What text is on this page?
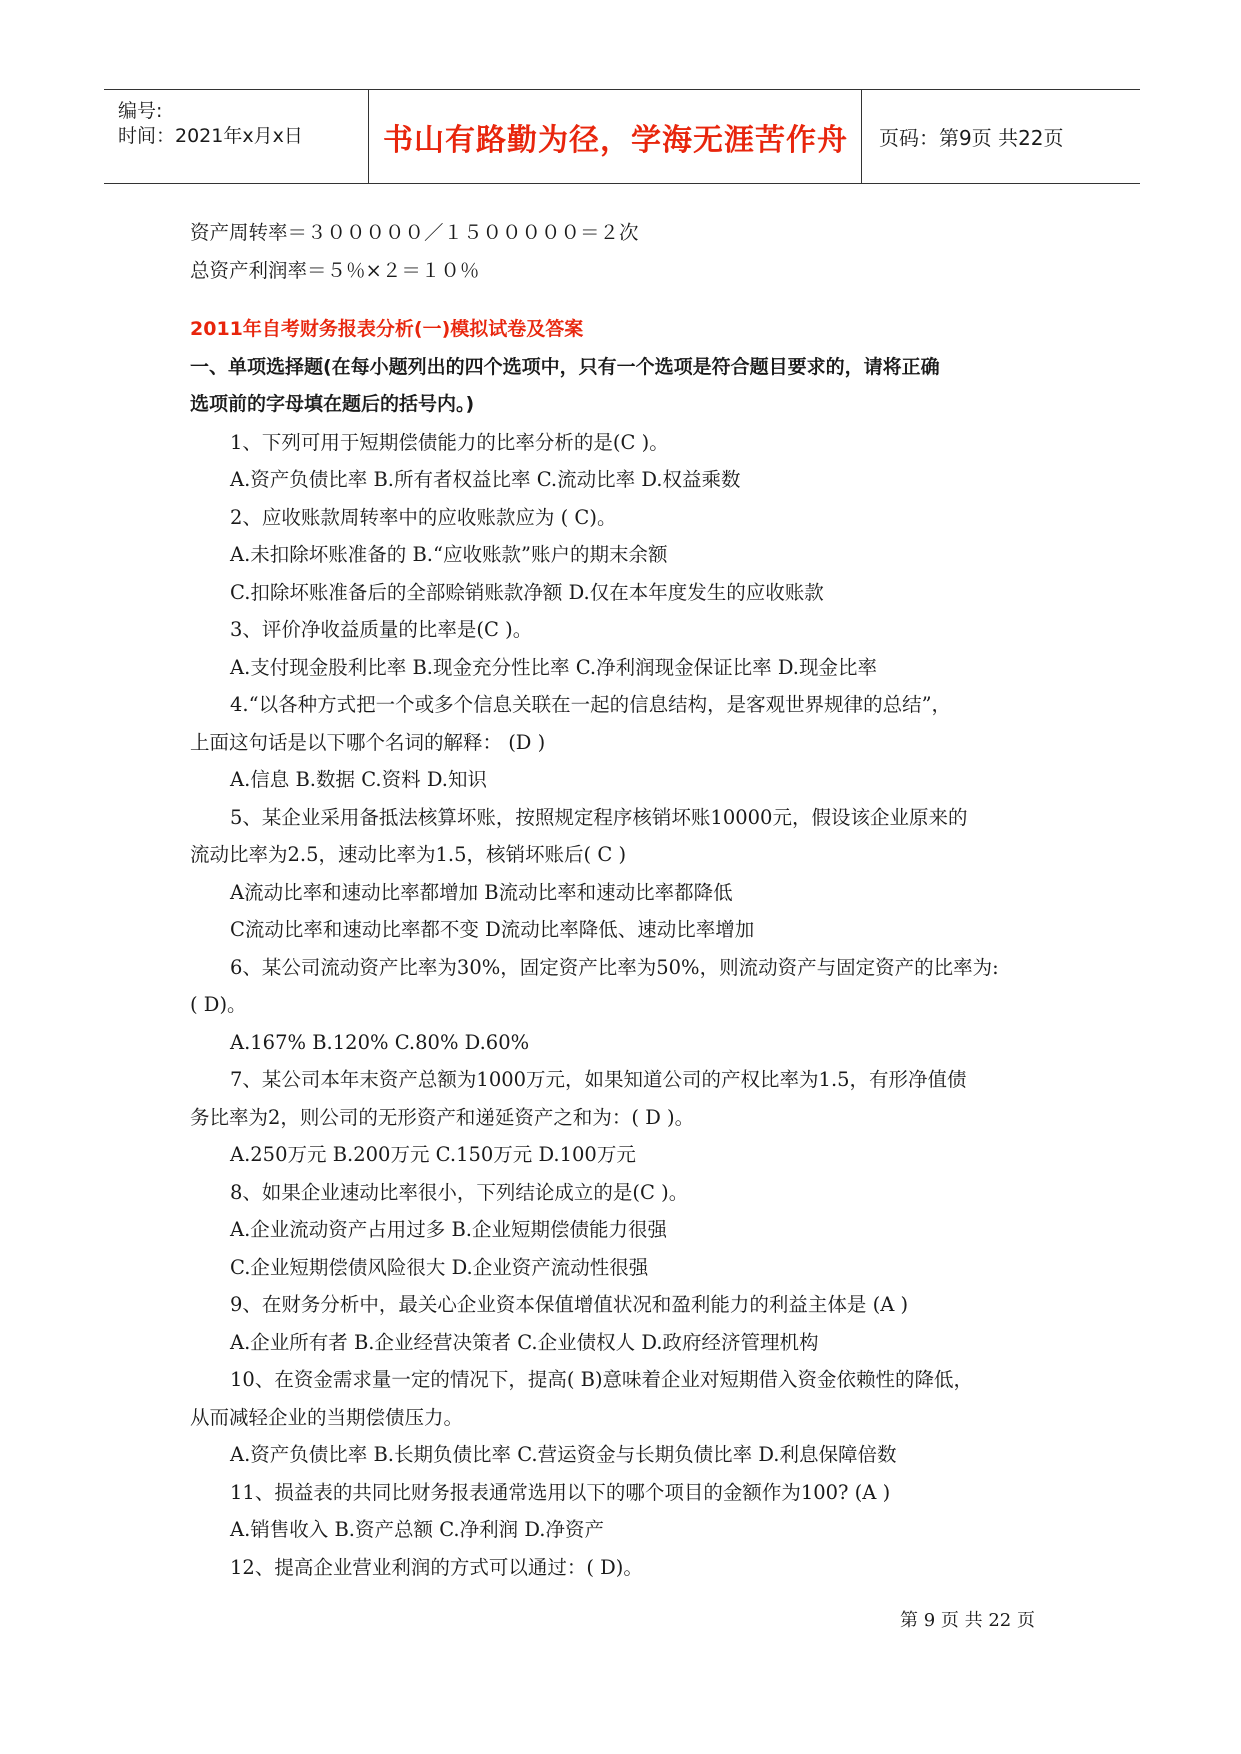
编号:
时间：2021年x月x日	书山有路勤为径，学海无涯苦作舟 页码：第9页 共22页
资产周转率＝３０００００／１５０００００＝２次
总资产利润率＝５％×２＝１０％
2011年自考财务报表分析(一)模拟试卷及答案
一、单项选择题(在每小题列出的四个选项中，只有一个选项是符合题目要求的，请将正确
选项前的字母填在题后的括号内。)
1、下列可用于短期偿债能力的比率分析的是(C )。
A.资产负债比率 B.所有者权益比率 C.流动比率 D.权益乘数
2、应收账款周转率中的应收账款应为 ( C)。
A.未扣除坏账准备的 B.“应收账款”账户的期末余额
C.扣除坏账准备后的全部赊销账款净额 D.仅在本年度发生的应收账款
3、评价净收益质量的比率是(C )。
A.支付现金股利比率 B.现金充分性比率 C.净利润现金保证比率 D.现金比率
4.“以各种方式把一个或多个信息关联在一起的信息结构，是客观世界规律的总结”，
上面这句话是以下哪个名词的解释： (D )
A.信息 B.数据 C.资料 D.知识
5、某企业采用备抵法核算坏账，按照规定程序核销坏账10000元，假设该企业原来的
流动比率为2.5，速动比率为1.5，核销坏账后( C )
A流动比率和速动比率都增加 B流动比率和速动比率都降低
C流动比率和速动比率都不变 D流动比率降低、速动比率增加
6、某公司流动资产比率为30%，固定资产比率为50%，则流动资产与固定资产的比率为:
( D)。
A.167% B.120% C.80% D.60%
7、某公司本年末资产总额为1000万元，如果知道公司的产权比率为1.5，有形净值债
务比率为2，则公司的无形资产和递延资产之和为：( D )。
A.250万元 B.200万元 C.150万元 D.100万元
8、如果企业速动比率很小，下列结论成立的是(C )。
A.企业流动资产占用过多 B.企业短期偿债能力很强
C.企业短期偿债风险很大 D.企业资产流动性很强
9、在财务分析中，最关心企业资本保值增值状况和盈利能力的利益主体是 (A )
A.企业所有者 B.企业经营决策者 C.企业债权人 D.政府经济管理机构
10、在资金需求量一定的情况下，提高( B)意味着企业对短期借入资金依赖性的降低，
从而减轻企业的当期偿债压力。
A.资产负债比率 B.长期负债比率 C.营运资金与长期负债比率 D.利息保障倍数
11、损益表的共同比财务报表通常选用以下的哪个项目的金额作为100? (A )
A.销售收入 B.资产总额 C.净利润 D.净资产
12、提高企业营业利润的方式可以通过：( D)。
第 9 页 共 22 页
